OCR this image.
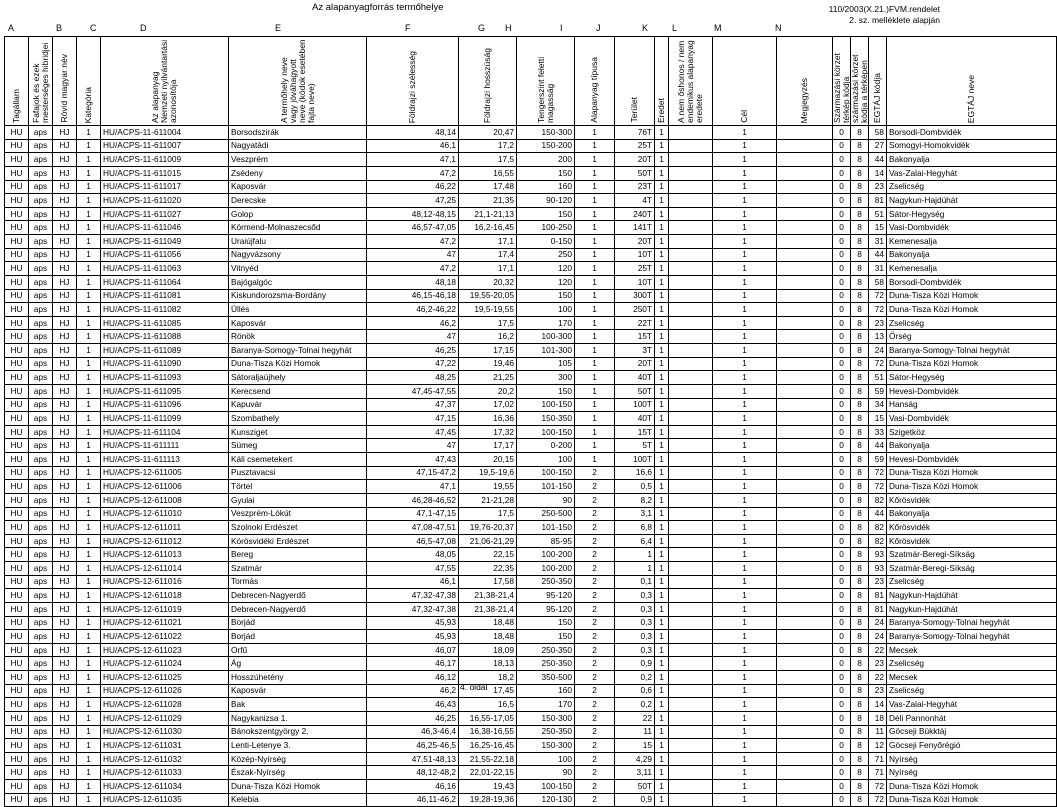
Az alapanyagforrás termőhelye	110/2003(X.21.)FVM.rendelet
2. sz. melléklete alapján
A	B	C	D	E	F	G H	I	J	K	L	M	N
Tagállam	Fafajok és ezek mesterséges hibridjei	Rövid magyar név	Kategória	Az alapanyag Nemzeti nyilvántartási azonosítója	A termőhely neve vagy jóváhagyott neve (kódok esetében fajta neve)	Földrajzi szélesség	Földrajzi hosszúság	Tengerszint feletti magasság	Alapanyag típusa	Terület	Eredet	A nem őshonos / nem endemikus alapanyag eredete	Cél	Megjegyzés	Származási körzet térkép kódja	származási körzet kódja a térképen	EGTÁJ kódja	EGTÁJ neve

HU	aps	HJ	1	HU/ACPS-11-611004	Borsodszirák	48,14	20,47	150-300	1	76T	1		1		0	8	58	Borsodi-Dombvidék
HU	aps	HJ	1	HU/ACPS-11-611007	Nagyatádi	46,1	17,2	150-200	1	25T	1		1		0	8	27	Somogyi-Homokvidék
HU	aps	HJ	1	HU/ACPS-11-611009	Veszprém	47,1	17,5	200	1	20T	1		1		0	8	44	Bakonyalja
HU	aps	HJ	1	HU/ACPS-11-611015	Zsédeny	47,2	16,55	150	1	50T	1		1		0	8	14	Vas-Zalai-Hegyhát
HU	aps	HJ	1	HU/ACPS-11-611017	Kaposvár	46,22	17,48	160	1	23T	1		1		0	8	23	Zselicség
HU	aps	HJ	1	HU/ACPS-11-611020	Derecske	47,25	21,35	90-120	1	4T	1		1		0	8	81	Nagykun-Hajdúhát
HU	aps	HJ	1	HU/ACPS-11-611027	Golop	48,12-48,15	21,1-21,13	150	1	240T	1		1		0	8	51	Sátor-Hegység
HU	aps	HJ	1	HU/ACPS-11-611046	Körmend-Molnaszecsőd	46,57-47,05	16,2-16,45	100-250	1	141T	1		1		0	8	15	Vasi-Dombvidék
HU	aps	HJ	1	HU/ACPS-11-611049	Uraiújfalu	47,2	17,1	0-150	1	20T	1		1		0	8	31	Kemenesalja
HU	aps	HJ	1	HU/ACPS-11-611056	Nagyvázsony	47	17,4	250	1	10T	1		1		0	8	44	Bakonyalja
HU	aps	HJ	1	HU/ACPS-11-611063	Vitnyéd	47,2	17,1	120	1	25T	1		1		0	8	31	Kemenesalja
HU	aps	HJ	1	HU/ACPS-11-611064	Bajógalgóc	48,18	20,32	120	1	10T	1		1		0	8	58	Borsodi-Dombvidék
HU	aps	HJ	1	HU/ACPS-11-611081	Kiskundorozsma-Bordány	46,15-46,18	19,55-20,05	150	1	300T	1		1		0	8	72	Duna-Tisza Közi Homok
HU	aps	HJ	1	HU/ACPS-11-611082	Üllés	46,2-46,22	19,5-19,55	100	1	250T	1		1		0	8	72	Duna-Tisza Közi Homok
HU	aps	HJ	1	HU/ACPS-11-611085	Kaposvár	46,2	17,5	170	1	22T	1		1		0	8	23	Zselicség
HU	aps	HJ	1	HU/ACPS-11-611088	Rönök	47	16,2	100-300	1	15T	1		1		0	8	13	Őrség
HU	aps	HJ	1	HU/ACPS-11-611089	Baranya-Somogy-Tolnai hegyhát	46,25	17,15	101-300	1	3T	1		1		0	8	24	Baranya-Somogy-Tolnai hegyhát
HU	aps	HJ	1	HU/ACPS-11-611090	Duna-Tisza Közi Homok	47,22	19,46	105	1	20T	1		1		0	8	72	Duna-Tisza Közi Homok
HU	aps	HJ	1	HU/ACPS-11-611093	Sátoraljaújhely	48,25	21,25	300	1	40T	1		1		0	8	51	Sátor-Hegység
HU	aps	HJ	1	HU/ACPS-11-611095	Kerecsend	47,45-47,55	20,2	150	1	50T	1		1		0	8	59	Hevesi-Dombvidék
HU	aps	HJ	1	HU/ACPS-11-611096	Kapuvár	47,37	17,02	100-150	1	100T	1		1		0	8	34	Hanság
HU	aps	HJ	1	HU/ACPS-11-611099	Szombathely	47,15	16,36	150-350	1	40T	1		1		0	8	15	Vasi-Dombvidék
HU	aps	HJ	1	HU/ACPS-11-611104	Kunsziget	47,45	17,32	100-150	1	15T	1		1		0	8	33	Szigetköz
HU	aps	HJ	1	HU/ACPS-11-611111	Sümeg	47	17,17	0-200	1	5T	1		1		0	8	44	Bakonyalja
HU	aps	HJ	1	HU/ACPS-11-611113	Káli csemetekert	47,43	20,15	100	1	100T	1		1		0	8	59	Hevesi-Dombvidék
HU	aps	HJ	1	HU/ACPS-12-611005	Pusztavacsi	47,15-47,2	19,5-19,6	100-150	2	16,6	1		1		0	8	72	Duna-Tisza Közi Homok
HU	aps	HJ	1	HU/ACPS-12-611006	Törtel	47,1	19,55	101-150	2	0,5	1		1		0	8	72	Duna-Tisza Közi Homok
HU	aps	HJ	1	HU/ACPS-12-611008	Gyulai	46,28-46,52	21-21,28	90	2	8,2	1		1		0	8	82	Kőrösvidék
HU	aps	HJ	1	HU/ACPS-12-611010	Veszprém-Lókút	47,1-47,15	17,5	250-500	2	3,1	1		1		0	8	44	Bakonyalja
HU	aps	HJ	1	HU/ACPS-12-611011	Szolnoki Erdészet	47,08-47,51	19,76-20,37	101-150	2	6,8	1		1		0	8	82	Kőrösvidék
HU	aps	HJ	1	HU/ACPS-12-611012	Körösvidéki Erdészet	46,5-47,08	21,06-21,29	85-95	2	6,4	1		1		0	8	82	Kőrösvidék
HU	aps	HJ	1	HU/ACPS-12-611013	Bereg	48,05	22,15	100-200	2	1	1		1		0	8	93	Szatmár-Beregi-Síkság
HU	aps	HJ	1	HU/ACPS-12-611014	Szatmár	47,55	22,35	100-200	2	1	1		1		0	8	93	Szatmár-Beregi-Síkság
HU	aps	HJ	1	HU/ACPS-12-611016	Tormás	46,1	17,58	250-350	2	0,1	1		1		0	8	23	Zselicség
HU	aps	HJ	1	HU/ACPS-12-611018	Debrecen-Nagyerdő	47,32-47,38	21,38-21,4	95-120	2	0,3	1		1		0	8	81	Nagykun-Hajdúhát
HU	aps	HJ	1	HU/ACPS-12-611019	Debrecen-Nagyerdő	47,32-47,38	21,38-21,4	95-120	2	0,3	1		1		0	8	81	Nagykun-Hajdúhát
HU	aps	HJ	1	HU/ACPS-12-611021	Borjád	45,93	18,48	150	2	0,3	1		1		0	8	24	Baranya-Somogy-Tolnai hegyhát
HU	aps	HJ	1	HU/ACPS-12-611022	Borjád	45,93	18,48	150	2	0,3	1		1		0	8	24	Baranya-Somogy-Tolnai hegyhát
HU	aps	HJ	1	HU/ACPS-12-611023	Orfű	46,07	18,09	250-350	2	0,3	1		1		0	8	22	Mecsek
HU	aps	HJ	1	HU/ACPS-12-611024	Ág	46,17	18,13	250-350	2	0,9	1		1		0	8	23	Zselicség
HU	aps	HJ	1	HU/ACPS-12-611025	Hosszúhetény	46,12	18,2	350-500	2	0,2	1		1		0	8	22	Mecsek
HU	aps	HJ	1	HU/ACPS-12-611026	Kaposvár	46,2	17,45	160	2	0,6	1		1		0	8	23	Zselicség
HU	aps	HJ	1	HU/ACPS-12-611028	Bak	46,43	16,5	170	2	0,2	1		1		0	8	14	Vas-Zalai-Hegyhát
HU	aps	HJ	1	HU/ACPS-12-611029	Nagykanizsa 1.	46,25	16,55-17,05	150-300	2	22	1		1		0	8	18	Déli Pannonhát
HU	aps	HJ	1	HU/ACPS-12-611030	Bánokszentgyörgy 2.	46,3-46,4	16,38-16,55	250-350	2	11	1		1		0	8	11	Göcseji Bükktáj
HU	aps	HJ	1	HU/ACPS-12-611031	Lenti-Letenye 3.	46,25-46,5	16,25-16,45	150-300	2	15	1		1		0	8	12	Göcseji Fenyőrégió
HU	aps	HJ	1	HU/ACPS-12-611032	Közép-Nyírség	47,51-48,13	21,55-22,18	100	2	4,29	1		1		0	8	71	Nyírség
HU	aps	HJ	1	HU/ACPS-12-611033	Észak-Nyírség	48,12-48,2	22,01-22,15	90	2	3,11	1		1		0	8	71	Nyírség
HU	aps	HJ	1	HU/ACPS-12-611034	Duna-Tisza Közi Homok	46,16	19,43	100-150	2	50T	1		1		0	8	72	Duna-Tisza Közi Homok
HU	aps	HJ	1	HU/ACPS-12-611035	Kelebia	46,11-46,2	19,28-19,36	120-130	2	0,9	1		1		0	8	72	Duna-Tisza Közi Homok
4. oldal
